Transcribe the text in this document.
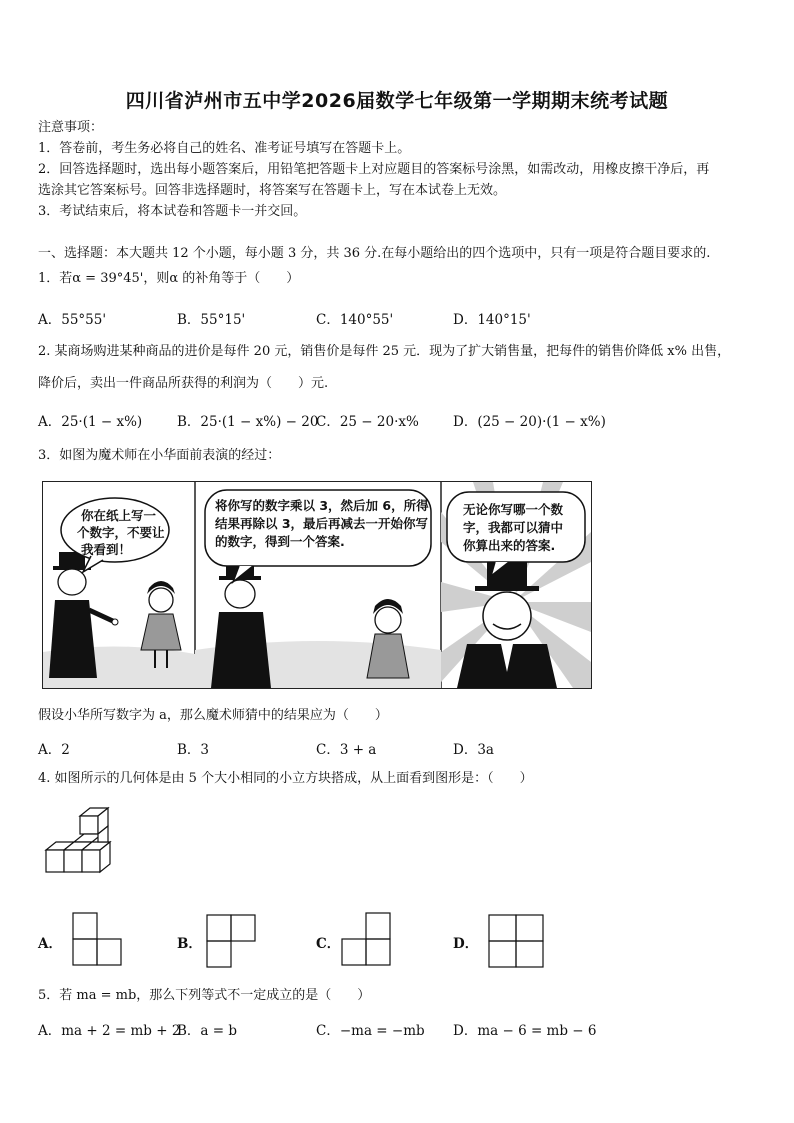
四川省泸州市五中学2026届数学七年级第一学期期末统考试题
注意事项：
1．答卷前，考生务必将自己的姓名、准考证号填写在答题卡上。
2．回答选择题时，选出每小题答案后，用铅笔把答题卡上对应题目的答案标号涂黑，如需改动，用橡皮擦干净后，再
选涂其它答案标号。回答非选择题时，将答案写在答题卡上，写在本试卷上无效。
3．考试结束后，将本试卷和答题卡一并交回。
一、选择题：本大题共 12 个小题，每小题 3 分，共 36 分.在每小题给出的四个选项中，只有一项是符合题目要求的.
1．若α = 39°45'，则α 的补角等于（　　）
A．55°55'	B．55°15'	C．140°55'	D．140°15'
2. 某商场购进某种商品的进价是每件 20 元，销售价是每件 25 元．现为了扩大销售量，把每件的销售价降低 x% 出售，
降价后，卖出一件商品所获得的利润为（　　）元.
A．25·(1 − x%)	B．25·(1 − x%) − 20
C．25 − 20·x%	D．(25 − 20)·(1 − x%)
3．如图为魔术师在小华面前表演的经过：
你在纸上写一
个数字，不要让
我看到！
将你写的数字乘以 3，然后加 6，所得
结果再除以 3，最后再减去一开始你写
的数字，得到一个答案.
无论你写哪一个数
字，我都可以猜中
你算出来的答案.
假设小华所写数字为 a，那么魔术师猜中的结果应为（　　）
A．2	B．3	C．3 + a	D．3a
4. 如图所示的几何体是由 5 个大小相同的小立方块搭成，从上面看到图形是：（　　）
A．	B．	C．	D．
5．若 ma = mb，那么下列等式不一定成立的是（　　）
A．ma + 2 = mb + 2
B．a = b	C．−ma = −mb D．ma − 6 = mb − 6
